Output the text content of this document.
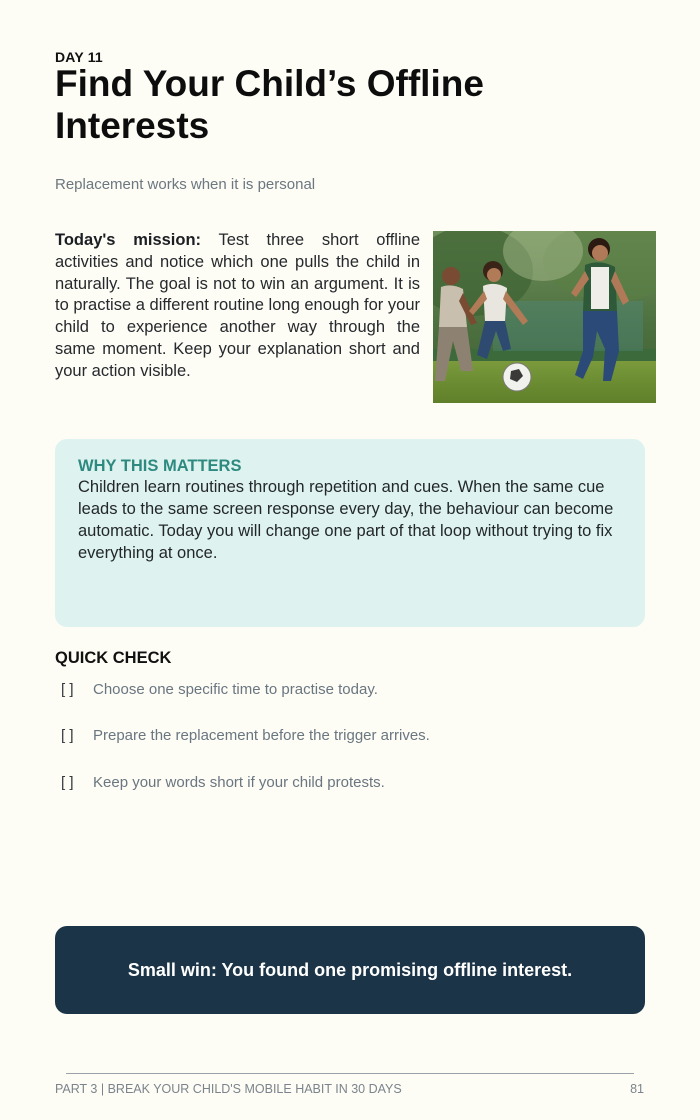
DAY 11
Find Your Child’s Offline Interests
Replacement works when it is personal

Today's mission: Test three short offline activities and notice which one pulls the child in naturally. The goal is not to win an argument. It is to practise a different routine long enough for your child to experience another way through the same moment. Keep your explanation short and your action visible.

WHY THIS MATTERS

Children learn routines through repetition and cues. When the same cue leads to the same screen response every day, the behaviour can become automatic. Today you will change one part of that loop without trying to fix everything at once.

QUICK CHECK
[ ]	Choose one specific time to practise today.
[ ]	Prepare the replacement before the trigger arrives.
[ ]	Keep your words short if your child protests.
Small win: You found one promising offline interest.
PART 3 | BREAK YOUR CHILD'S MOBILE HABIT IN 30 DAYS	81
